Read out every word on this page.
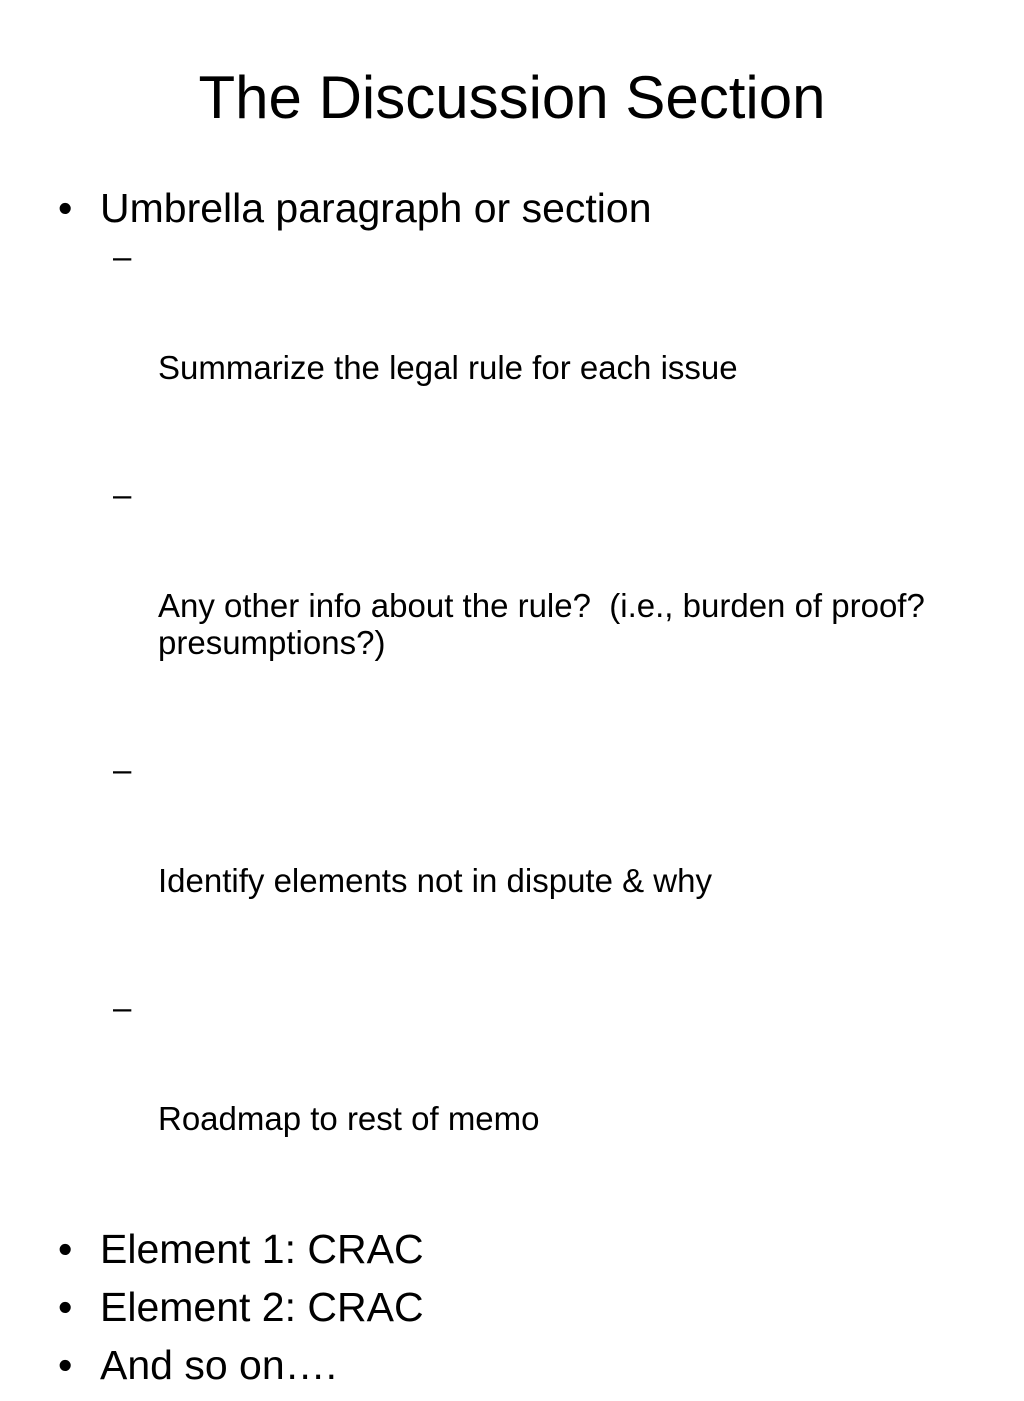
The Discussion Section
• Umbrella paragraph or section

–

Summarize the legal rule for each issue

–

Any other info about the rule?  (i.e., burden of proof? presumptions?)

–

Identify elements not in dispute & why

–

Roadmap to rest of memo

• Element 1: CRAC
• Element 2: CRAC
• And so on….
